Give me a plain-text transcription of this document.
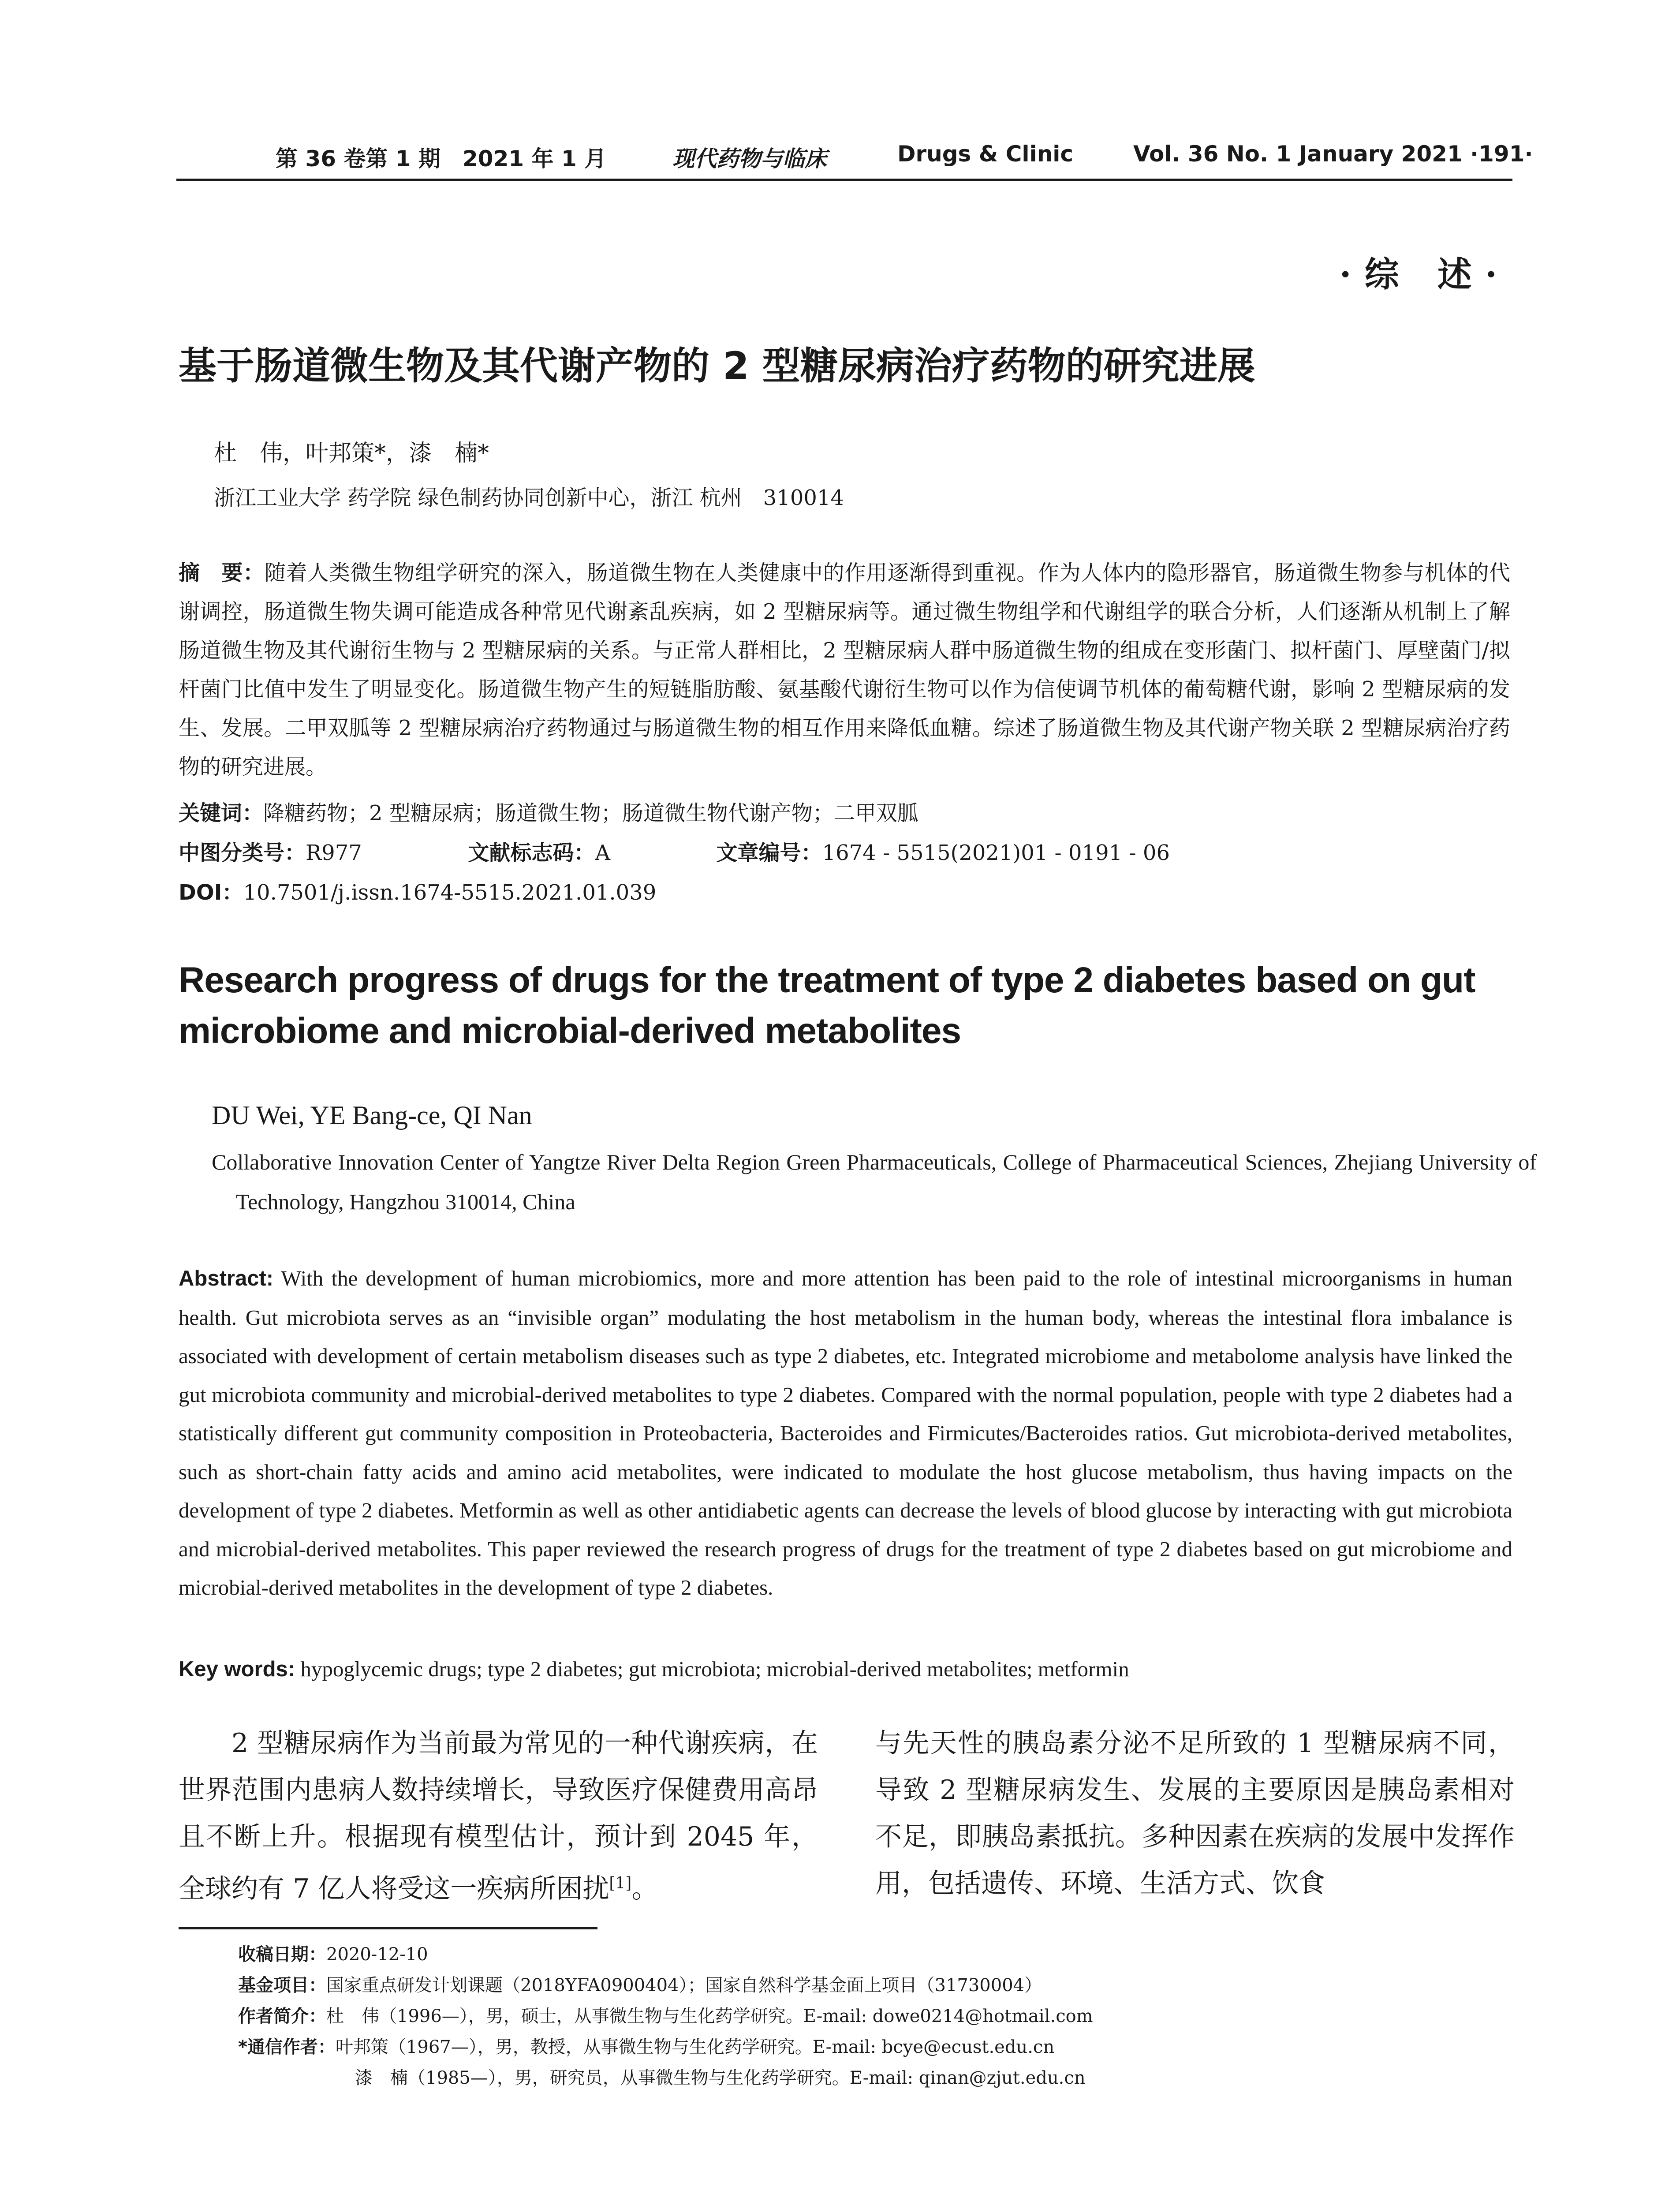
第 36 卷第 1 期　2021 年 1 月	现代药物与临床	Drugs & Clinic	Vol. 36 No. 1 January 2021 ·191·
·综 述·
基于肠道微生物及其代谢产物的 2 型糖尿病治疗药物的研究进展
杜　伟，叶邦策*，漆　楠*
浙江工业大学 药学院 绿色制药协同创新中心，浙江 杭州　310014
摘　要：随着人类微生物组学研究的深入，肠道微生物在人类健康中的作用逐渐得到重视。作为人体内的隐形器官，肠道微生物参与机体的代谢调控，肠道微生物失调可能造成各种常见代谢紊乱疾病，如 2 型糖尿病等。通过微生物组学和代谢组学的联合分析，人们逐渐从机制上了解肠道微生物及其代谢衍生物与 2 型糖尿病的关系。与正常人群相比，2 型糖尿病人群中肠道微生物的组成在变形菌门、拟杆菌门、厚壁菌门/拟杆菌门比值中发生了明显变化。肠道微生物产生的短链脂肪酸、氨基酸代谢衍生物可以作为信使调节机体的葡萄糖代谢，影响 2 型糖尿病的发生、发展。二甲双胍等 2 型糖尿病治疗药物通过与肠道微生物的相互作用来降低血糖。综述了肠道微生物及其代谢产物关联 2 型糖尿病治疗药物的研究进展。
关键词：降糖药物；2 型糖尿病；肠道微生物；肠道微生物代谢产物；二甲双胍
中图分类号：R977	文献标志码：A	文章编号：1674 - 5515(2021)01 - 0191 - 06
DOI：10.7501/j.issn.1674-5515.2021.01.039
Research progress of drugs for the treatment of type 2 diabetes based on gut microbiome and microbial-derived metabolites
DU Wei, YE Bang-ce, QI Nan
Collaborative Innovation Center of Yangtze River Delta Region Green Pharmaceuticals, College of Pharmaceutical Sciences, Zhejiang University of Technology, Hangzhou 310014, China
Abstract: With the development of human microbiomics, more and more attention has been paid to the role of intestinal microorganisms in human health. Gut microbiota serves as an “invisible organ” modulating the host metabolism in the human body, whereas the intestinal flora imbalance is associated with development of certain metabolism diseases such as type 2 diabetes, etc. Integrated microbiome and metabolome analysis have linked the gut microbiota community and microbial-derived metabolites to type 2 diabetes. Compared with the normal population, people with type 2 diabetes had a statistically different gut community composition in Proteobacteria, Bacteroides and Firmicutes/Bacteroides ratios. Gut microbiota-derived metabolites, such as short-chain fatty acids and amino acid metabolites, were indicated to modulate the host glucose metabolism, thus having impacts on the development of type 2 diabetes. Metformin as well as other antidiabetic agents can decrease the levels of blood glucose by interacting with gut microbiota and microbial-derived metabolites. This paper reviewed the research progress of drugs for the treatment of type 2 diabetes based on gut microbiome and microbial-derived metabolites in the development of type 2 diabetes.
Key words: hypoglycemic drugs; type 2 diabetes; gut microbiota; microbial-derived metabolites; metformin
2 型糖尿病作为当前最为常见的一种代谢疾病，在世界范围内患病人数持续增长，导致医疗保健费用高昂且不断上升。根据现有模型估计，预计到 2045 年，全球约有 7 亿人将受这一疾病所困扰[1]。
与先天性的胰岛素分泌不足所致的 1 型糖尿病不同，导致 2 型糖尿病发生、发展的主要原因是胰岛素相对不足，即胰岛素抵抗。多种因素在疾病的发展中发挥作用，包括遗传、环境、生活方式、饮食
收稿日期：2020-12-10
基金项目：国家重点研发计划课题（2018YFA0900404）；国家自然科学基金面上项目（31730004）
作者简介：杜　伟（1996—），男，硕士，从事微生物与生化药学研究。E-mail: dowe0214@hotmail.com
*通信作者：叶邦策（1967—），男，教授，从事微生物与生化药学研究。E-mail: bcye@ecust.edu.cn
漆　楠（1985—），男，研究员，从事微生物与生化药学研究。E-mail: qinan@zjut.edu.cn
